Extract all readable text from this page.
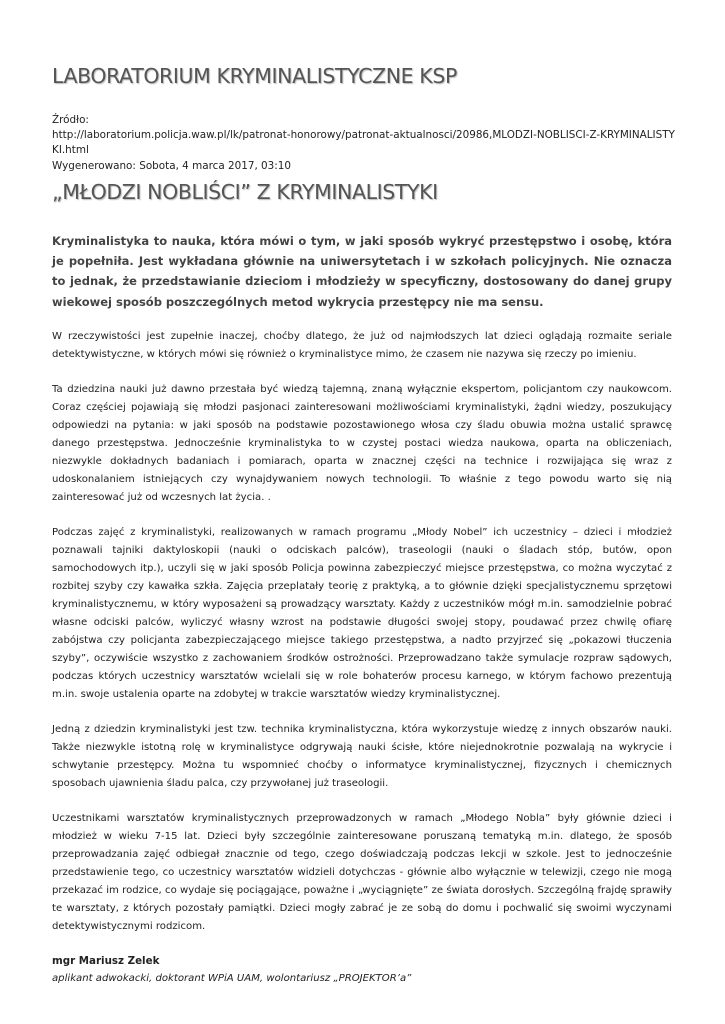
LABORATORIUM KRYMINALISTYCZNE KSP
Źródło:
http://laboratorium.policja.waw.pl/lk/patronat-honorowy/patronat-aktualnosci/20986,MLODZI-NOBLISCI-Z-KRYMINALISTYKI.html
Wygenerowano: Sobota, 4 marca 2017, 03:10
„MŁODZI NOBLIŚCI” Z KRYMINALISTYKI

Kryminalistyka to nauka, która mówi o tym, w jaki sposób wykryć przestępstwo i osobę, która je popełniła. Jest wykładana głównie na uniwersytetach i w szkołach policyjnych. Nie oznacza to jednak, że przedstawianie dzieciom i młodzieży w specyficzny, dostosowany do danej grupy wiekowej sposób poszczególnych metod wykrycia przestępcy nie ma sensu.

W rzeczywistości jest zupełnie inaczej, choćby dlatego, że już od najmłodszych lat dzieci oglądają rozmaite seriale detektywistyczne, w których mówi się również o kryminalistyce mimo, że czasem nie nazywa się rzeczy po imieniu.

Ta dziedzina nauki już dawno przestała być wiedzą tajemną, znaną wyłącznie ekspertom, policjantom czy naukowcom. Coraz częściej pojawiają się młodzi pasjonaci zainteresowani możliwościami kryminalistyki, żądni wiedzy, poszukujący odpowiedzi na pytania: w jaki sposób na podstawie pozostawionego włosa czy śladu obuwia można ustalić sprawcę danego przestępstwa. Jednocześnie kryminalistyka to w czystej postaci wiedza naukowa, oparta na obliczeniach, niezwykle dokładnych badaniach i pomiarach, oparta w znacznej części na technice i rozwijająca się wraz z udoskonalaniem istniejących czy wynajdywaniem nowych technologii. To właśnie z tego powodu warto się nią zainteresować już od wczesnych lat życia. .

Podczas zajęć z kryminalistyki, realizowanych w ramach programu „Młody Nobel” ich uczestnicy – dzieci i młodzież poznawali tajniki daktyloskopii (nauki o odciskach palców), traseologii (nauki o śladach stóp, butów, opon samochodowych itp.), uczyli się w jaki sposób Policja powinna zabezpieczyć miejsce przestępstwa, co można wyczytać z rozbitej szyby czy kawałka szkła. Zajęcia przeplatały teorię z praktyką, a to głównie dzięki specjalistycznemu sprzętowi kryminalistycznemu, w który wyposażeni są prowadzący warsztaty. Każdy z uczestników mógł m.in. samodzielnie pobrać własne odciski palców, wyliczyć własny wzrost na podstawie długości swojej stopy, poudawać przez chwilę ofiarę zabójstwa czy policjanta zabezpieczającego miejsce takiego przestępstwa, a nadto przyjrzeć się „pokazowi tłuczenia szyby”, oczywiście wszystko z zachowaniem środków ostrożności. Przeprowadzano także symulacje rozpraw sądowych, podczas których uczestnicy warsztatów wcielali się w role bohaterów procesu karnego, w którym fachowo prezentują m.in. swoje ustalenia oparte na zdobytej w trakcie warsztatów wiedzy kryminalistycznej.

Jedną z dziedzin kryminalistyki jest tzw. technika kryminalistyczna, która wykorzystuje wiedzę z innych obszarów nauki. Także niezwykle istotną rolę w kryminalistyce odgrywają nauki ścisłe, które niejednokrotnie pozwalają na wykrycie i schwytanie przestępcy. Można tu wspomnieć choćby o informatyce kryminalistycznej, fizycznych i chemicznych sposobach ujawnienia śladu palca, czy przywołanej już traseologii.

Uczestnikami warsztatów kryminalistycznych przeprowadzonych w ramach „Młodego Nobla” były głównie dzieci i młodzież w wieku 7-15 lat. Dzieci były szczególnie zainteresowane poruszaną tematyką m.in. dlatego, że sposób przeprowadzania zajęć odbiegał znacznie od tego, czego doświadczają podczas lekcji w szkole. Jest to jednocześnie przedstawienie tego, co uczestnicy warsztatów widzieli dotychczas - głównie albo wyłącznie w telewizji, czego nie mogą przekazać im rodzice, co wydaje się pociągające, poważne i „wyciągnięte” ze świata dorosłych. Szczególną frajdę sprawiły te warsztaty, z których pozostały pamiątki. Dzieci mogły zabrać je ze sobą do domu i pochwalić się swoimi wyczynami detektywistycznymi rodzicom.

mgr Mariusz Zelek

aplikant adwokacki, doktorant WPiA UAM, wolontariusz „PROJEKTOR’a”
